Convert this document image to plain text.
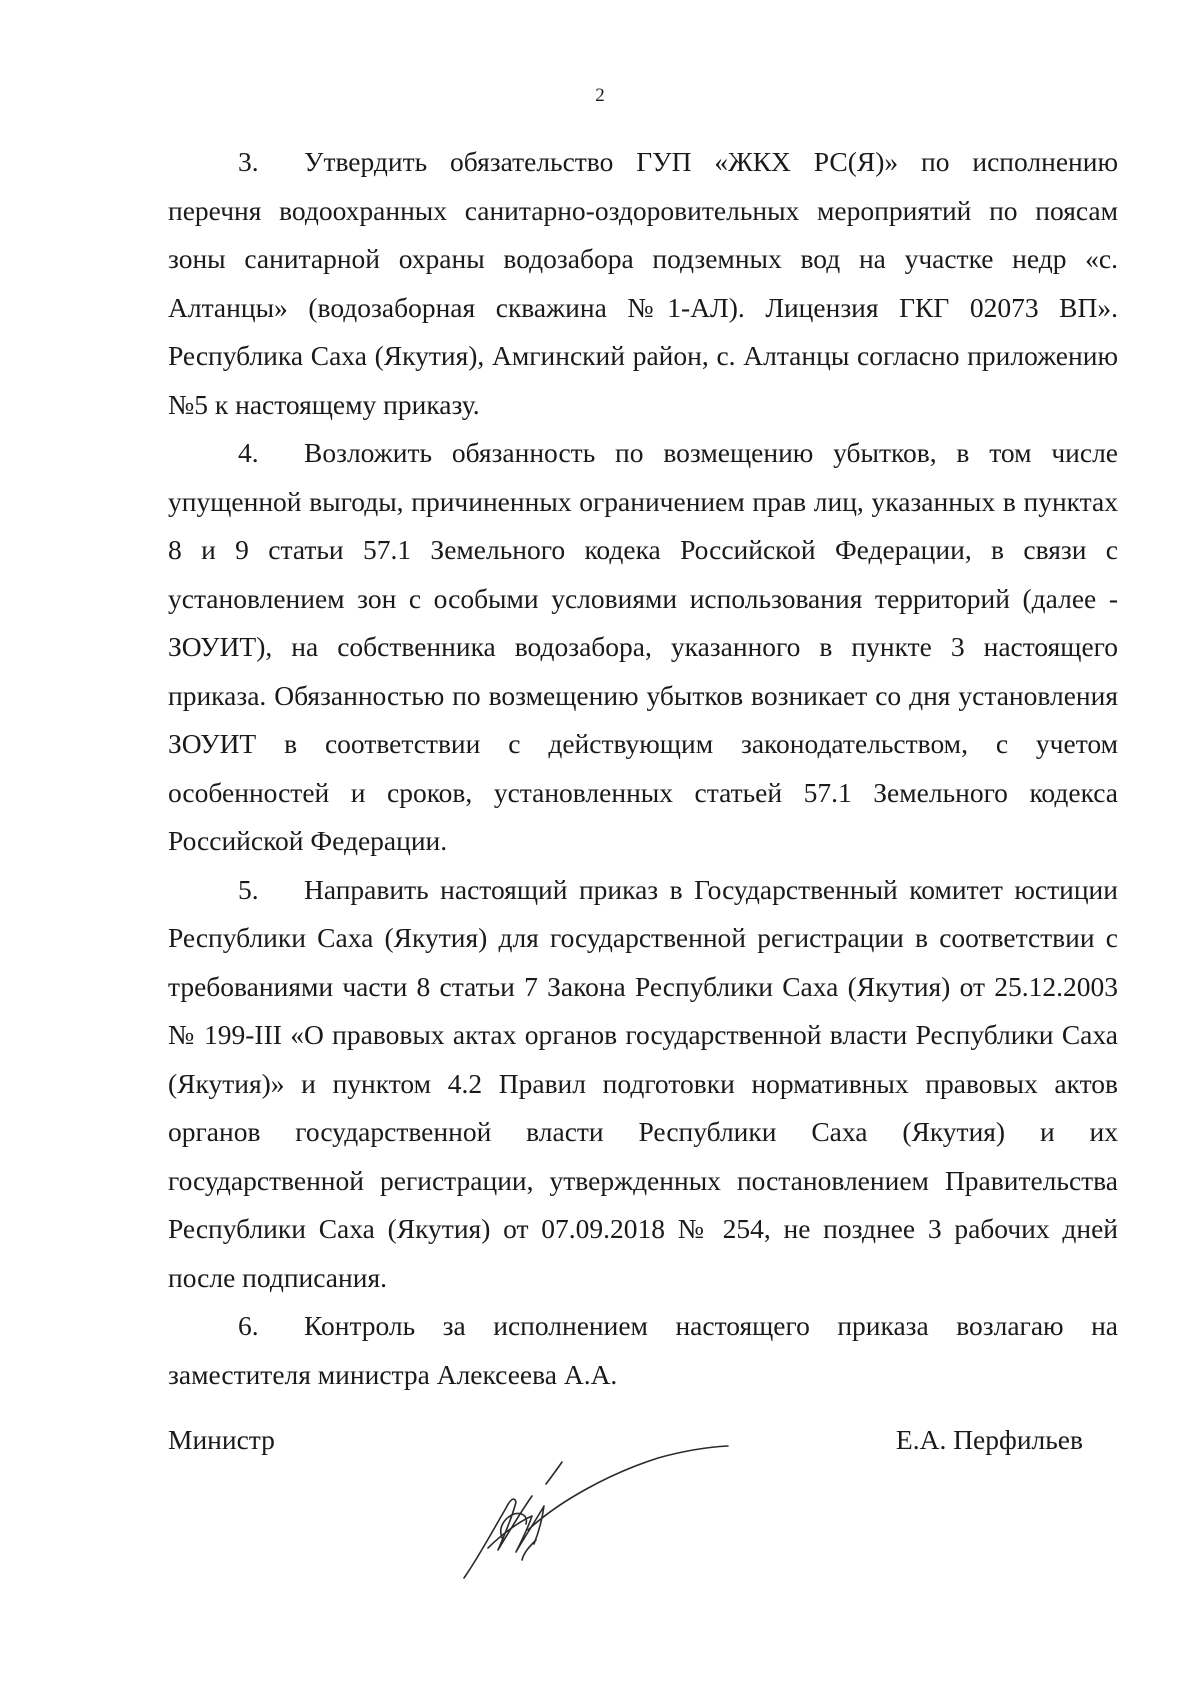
2

3. Утвердить обязательство ГУП «ЖКХ РС(Я)» по исполнению перечня водоохранных санитарно-оздоровительных мероприятий по поясам зоны санитарной охраны водозабора подземных вод на участке недр «с. Алтанцы» (водозаборная скважина №1-АЛ). Лицензия ГКГ 02073 ВП». Республика Саха (Якутия), Амгинский район, с. Алтанцы согласно приложению №5 к настоящему приказу.

4. Возложить обязанность по возмещению убытков, в том числе упущенной выгоды, причиненных ограничением прав лиц, указанных в пунктах 8 и 9 статьи 57.1 Земельного кодека Российской Федерации, в связи с установлением зон с особыми условиями использования территорий (далее - ЗОУИТ), на собственника водозабора, указанного в пункте 3 настоящего приказа. Обязанностью по возмещению убытков возникает со дня установления ЗОУИТ в соответствии с действующим законодательством, с учетом особенностей и сроков, установленных статьей 57.1 Земельного кодекса Российской Федерации.

5. Направить настоящий приказ в Государственный комитет юстиции Республики Саха (Якутия) для государственной регистрации в соответствии с требованиями части 8 статьи 7 Закона Республики Саха (Якутия) от 25.12.2003 № 199-III «О правовых актах органов государственной власти Республики Саха (Якутия)» и пунктом 4.2 Правил подготовки нормативных правовых актов органов государственной власти Республики Саха (Якутия) и их государственной регистрации, утвержденных постановлением Правительства Республики Саха (Якутия) от 07.09.2018 № 254, не позднее 3 рабочих дней после подписания.

6. Контроль за исполнением настоящего приказа возлагаю на заместителя министра Алексеева А.А.

Министр	Е.А. Перфильев
